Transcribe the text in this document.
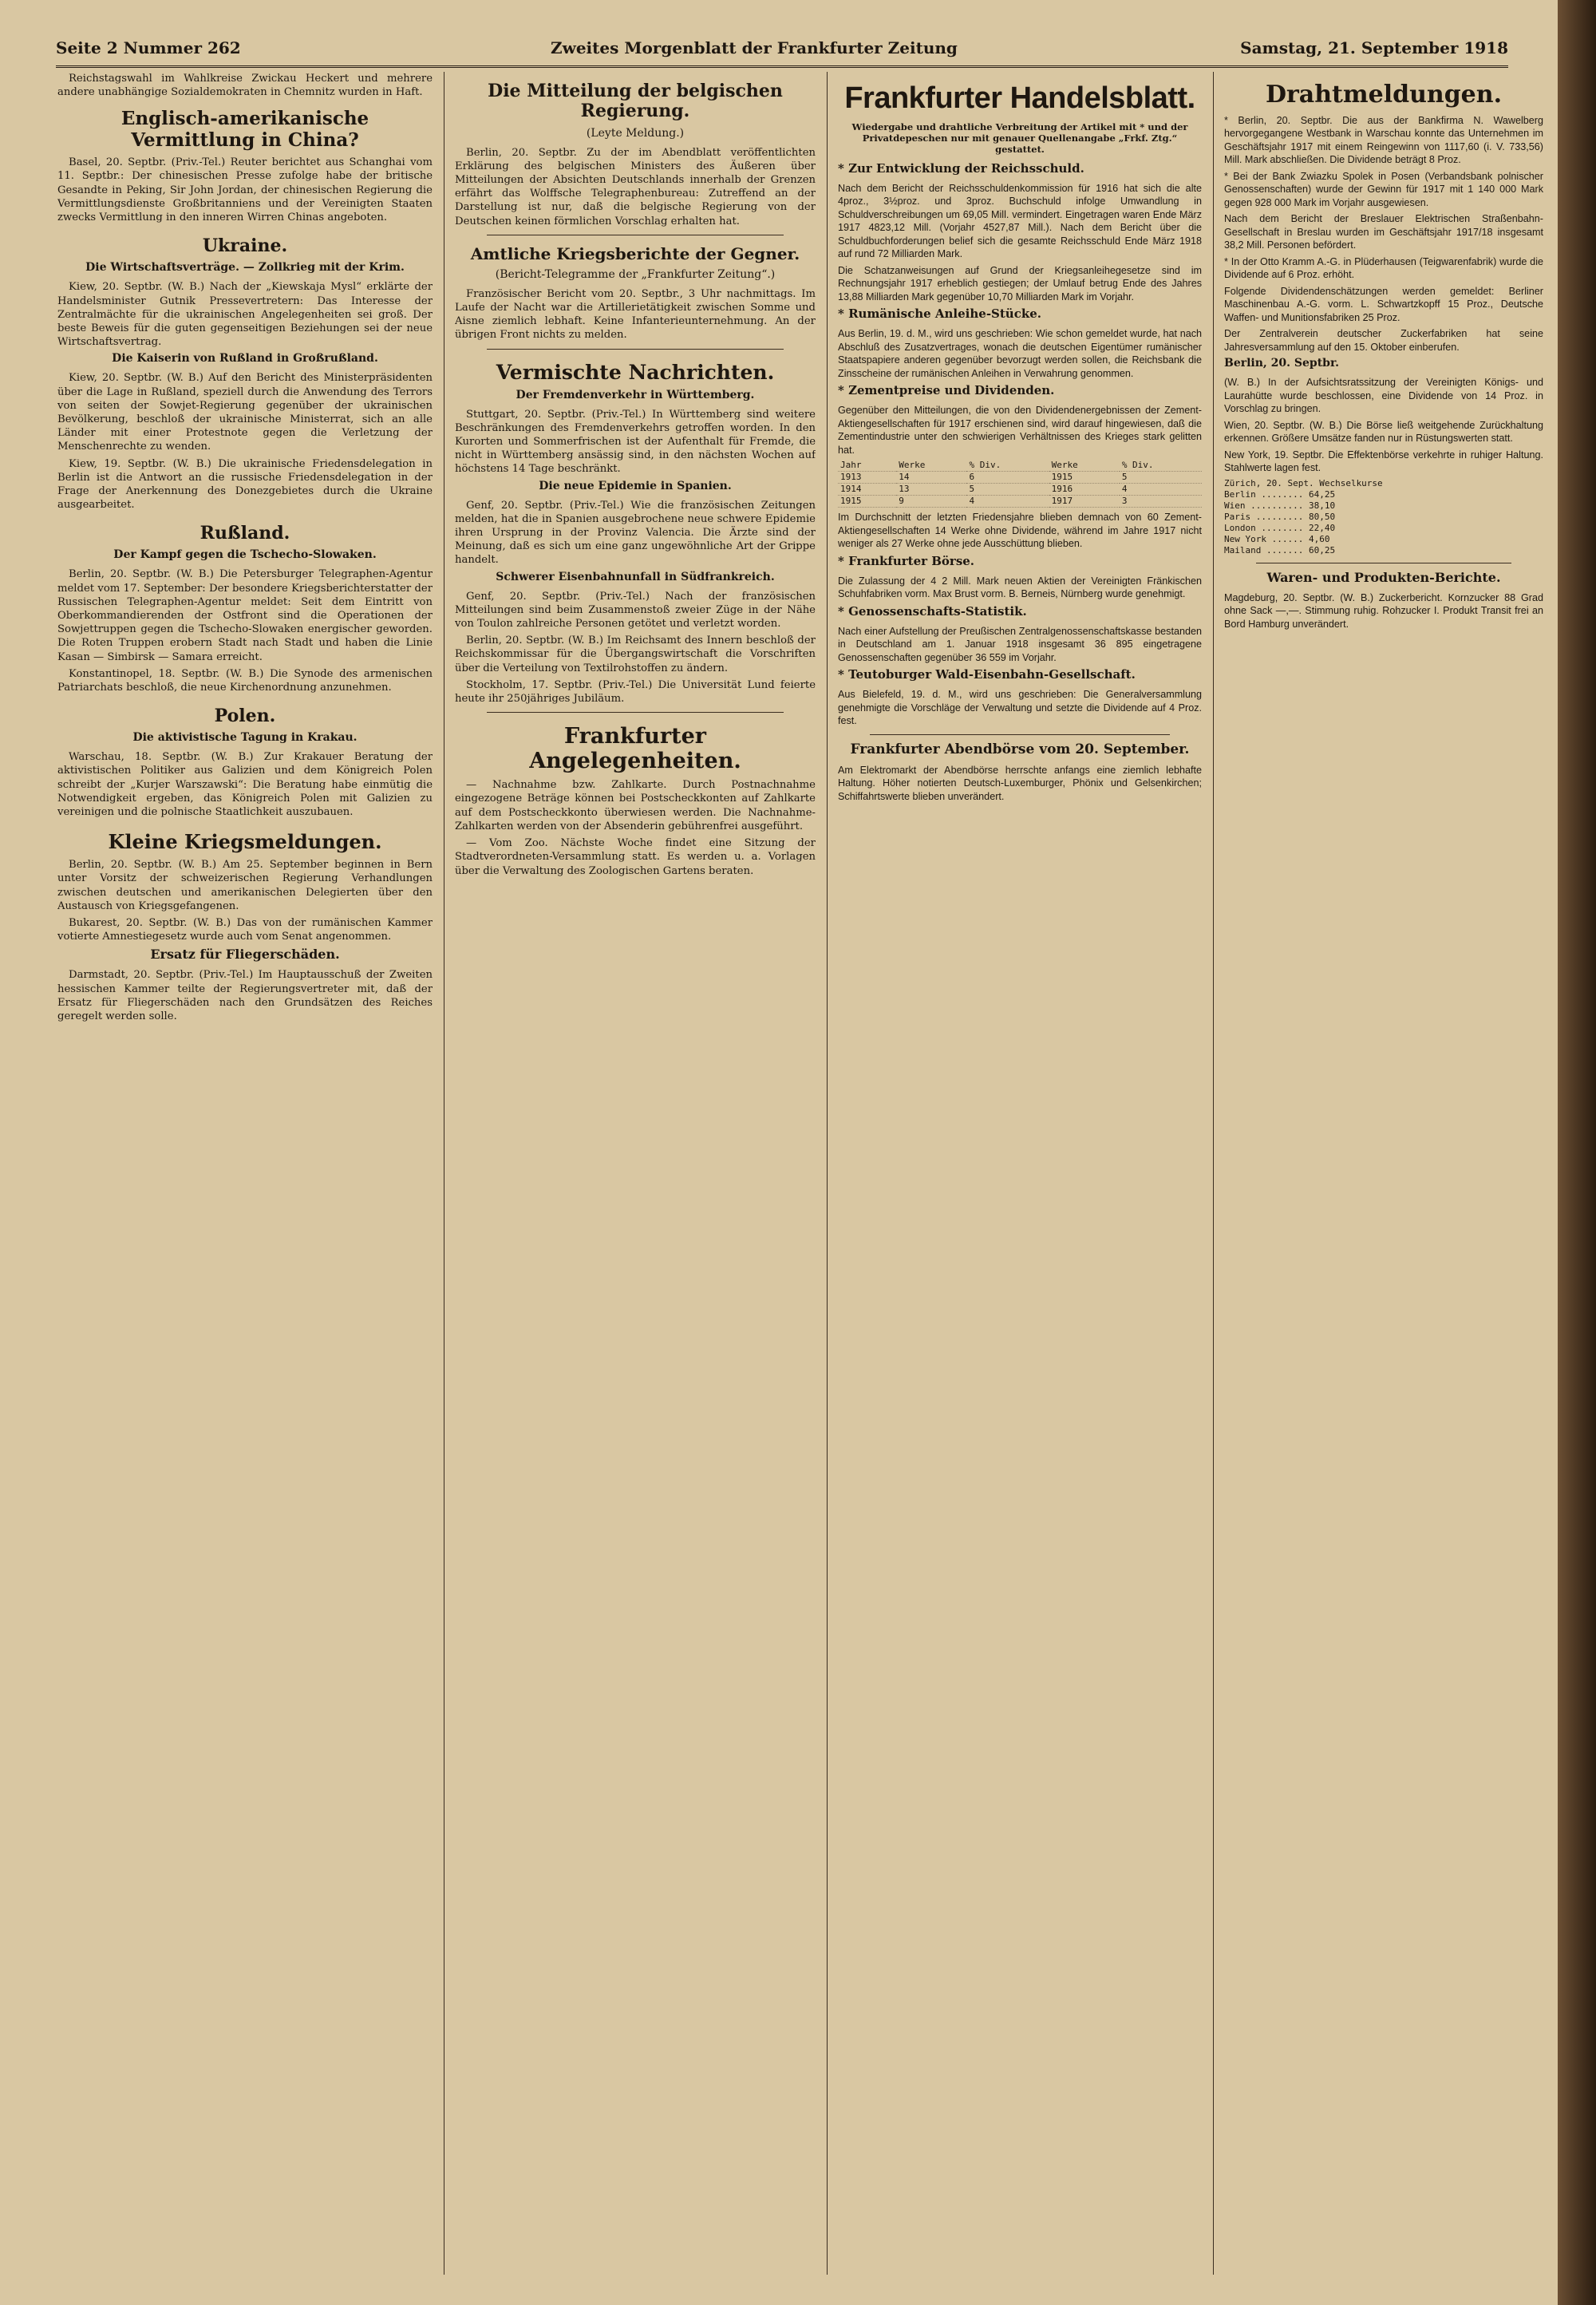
Seite 2 Nummer 262	Zweites Morgenblatt der Frankfurter Zeitung	Samstag, 21. September 1918

Reichstagswahl im Wahlkreise Zwickau Heckert und mehrere andere unabhängige Sozialdemokraten in Chemnitz wurden in Haft.

Englisch-amerikanische Vermittlung in China?

Basel, 20. Septbr. (Priv.-Tel.) Reuter berichtet aus Schanghai vom 11. Septbr.: Der chinesischen Presse zufolge habe der britische Gesandte in Peking, Sir John Jordan, der chinesischen Regierung die Vermittlungsdienste Großbritanniens und der Vereinigten Staaten zwecks Vermittlung in den inneren Wirren Chinas angeboten.

Ukraine.
Die Wirtschaftsverträge. — Zollkrieg mit der Krim.

Kiew, 20. Septbr. (W. B.) Nach der „Kiewskaja Mysl“ erklärte der Handelsminister Gutnik Pressevertretern: Das Interesse der Zentralmächte für die ukrainischen Angelegenheiten sei groß. Der beste Beweis für die guten gegenseitigen Beziehungen sei der neue Wirtschaftsvertrag.

Die Kaiserin von Rußland in Großrußland.

Kiew, 20. Septbr. (W. B.) Auf den Bericht des Ministerpräsidenten über die Lage in Rußland, speziell durch die Anwendung des Terrors von seiten der Sowjet-Regierung gegenüber der ukrainischen Bevölkerung, beschloß der ukrainische Ministerrat, sich an alle Länder mit einer Protestnote gegen die Verletzung der Menschenrechte zu wenden.

Kiew, 19. Septbr. (W. B.) Die ukrainische Friedensdelegation in Berlin ist die Antwort an die russische Friedensdelegation in der Frage der Anerkennung des Donezgebietes durch die Ukraine ausgearbeitet.

Rußland.
Der Kampf gegen die Tschecho-Slowaken.

Berlin, 20. Septbr. (W. B.) Die Petersburger Telegraphen-Agentur meldet vom 17. September: Der besondere Kriegsberichterstatter der Russischen Telegraphen-Agentur meldet: Seit dem Eintritt von Oberkommandierenden der Ostfront sind die Operationen der Sowjettruppen gegen die Tschecho-Slowaken energischer geworden. Die Roten Truppen erobern Stadt nach Stadt und haben die Linie Kasan — Simbirsk — Samara erreicht.

Konstantinopel, 18. Septbr. (W. B.) Die Synode des armenischen Patriarchats beschloß, die neue Kirchenordnung anzunehmen.

Polen.
Die aktivistische Tagung in Krakau.

Warschau, 18. Septbr. (W. B.) Zur Krakauer Beratung der aktivistischen Politiker aus Galizien und dem Königreich Polen schreibt der „Kurjer Warszawski“: Die Beratung habe einmütig die Notwendigkeit ergeben, das Königreich Polen mit Galizien zu vereinigen und die polnische Staatlichkeit auszubauen.

Kleine Kriegsmeldungen.

Berlin, 20. Septbr. (W. B.) Am 25. September beginnen in Bern unter Vorsitz der schweizerischen Regierung Verhandlungen zwischen deutschen und amerikanischen Delegierten über den Austausch von Kriegsgefangenen.

Bukarest, 20. Septbr. (W. B.) Das von der rumänischen Kammer votierte Amnestiegesetz wurde auch vom Senat angenommen.

Ersatz für Fliegerschäden.

Darmstadt, 20. Septbr. (Priv.-Tel.) Im Hauptausschuß der Zweiten hessischen Kammer teilte der Regierungsvertreter mit, daß der Ersatz für Fliegerschäden nach den Grundsätzen des Reiches geregelt werden solle.

Die Mitteilung der belgischen Regierung.
(Leyte Meldung.)

Berlin, 20. Septbr. Zu der im Abendblatt veröffentlichten Erklärung des belgischen Ministers des Äußeren über Mitteilungen der Absichten Deutschlands innerhalb der Grenzen erfährt das Wolffsche Telegraphenbureau: Zutreffend an der Darstellung ist nur, daß die belgische Regierung von der Deutschen keinen förmlichen Vorschlag erhalten hat.

Amtliche Kriegsberichte der Gegner.
(Bericht-Telegramme der „Frankfurter Zeitung“.)

Französischer Bericht vom 20. Septbr., 3 Uhr nachmittags. Im Laufe der Nacht war die Artillerietätigkeit zwischen Somme und Aisne ziemlich lebhaft. Keine Infanterieunternehmung. An der übrigen Front nichts zu melden.

Vermischte Nachrichten.
Der Fremdenverkehr in Württemberg.

Stuttgart, 20. Septbr. (Priv.-Tel.) In Württemberg sind weitere Beschränkungen des Fremdenverkehrs getroffen worden. In den Kurorten und Sommerfrischen ist der Aufenthalt für Fremde, die nicht in Württemberg ansässig sind, in den nächsten Wochen auf höchstens 14 Tage beschränkt.

Die neue Epidemie in Spanien.

Genf, 20. Septbr. (Priv.-Tel.) Wie die französischen Zeitungen melden, hat die in Spanien ausgebrochene neue schwere Epidemie ihren Ursprung in der Provinz Valencia. Die Ärzte sind der Meinung, daß es sich um eine ganz ungewöhnliche Art der Grippe handelt.

Schwerer Eisenbahnunfall in Südfrankreich.

Genf, 20. Septbr. (Priv.-Tel.) Nach der französischen Mitteilungen sind beim Zusammenstoß zweier Züge in der Nähe von Toulon zahlreiche Personen getötet und verletzt worden.

Berlin, 20. Septbr. (W. B.) Im Reichsamt des Innern beschloß der Reichskommissar für die Übergangswirtschaft die Vorschriften über die Verteilung von Textilrohstoffen zu ändern.

Stockholm, 17. Septbr. (Priv.-Tel.) Die Universität Lund feierte heute ihr 250jähriges Jubiläum.

Frankfurter Angelegenheiten.

— Nachnahme bzw. Zahlkarte. Durch Postnachnahme eingezogene Beträge können bei Postscheckkonten auf Zahlkarte auf dem Postscheckkonto überwiesen werden. Die Nachnahme-Zahlkarten werden von der Absenderin gebührenfrei ausgeführt.

— Vom Zoo. Nächste Woche findet eine Sitzung der Stadtverordneten-Versammlung statt. Es werden u. a. Vorlagen über die Verwaltung des Zoologischen Gartens beraten.

Frankfurter Handelsblatt.
Wiedergabe und drahtliche Verbreitung der Artikel mit * und der Privatdepeschen nur mit genauer Quellenangabe „Frkf. Ztg.“ gestattet.
* Zur Entwicklung der Reichsschuld.

Nach dem Bericht der Reichsschuldenkommission für 1916 hat sich die alte 4proz., 3½proz. und 3proz. Buchschuld infolge Umwandlung in Schuldverschreibungen um 69,05 Mill. vermindert. Eingetragen waren Ende März 1917 4823,12 Mill. (Vorjahr 4527,87 Mill.). Nach dem Bericht über die Schuldbuchforderungen belief sich die gesamte Reichsschuld Ende März 1918 auf rund 72 Milliarden Mark.

Die Schatzanweisungen auf Grund der Kriegsanleihegesetze sind im Rechnungsjahr 1917 erheblich gestiegen; der Umlauf betrug Ende des Jahres 13,88 Milliarden Mark gegenüber 10,70 Milliarden Mark im Vorjahr.

* Rumänische Anleihe-Stücke.

Aus Berlin, 19. d. M., wird uns geschrieben: Wie schon gemeldet wurde, hat nach Abschluß des Zusatzvertrages, wonach die deutschen Eigentümer rumänischer Staatspapiere anderen gegenüber bevorzugt werden sollen, die Reichsbank die Zinsscheine der rumänischen Anleihen in Verwahrung genommen.

* Zementpreise und Dividenden.

Gegenüber den Mitteilungen, die von den Dividendenergebnissen der Zement-Aktiengesellschaften für 1917 erschienen sind, wird darauf hingewiesen, daß die Zementindustrie unter den schwierigen Verhältnissen des Krieges stark gelitten hat.

Jahr	Werke	% Div.	Werke	% Div.
1913	14	6	1915	5
1914	13	5	1916	4
1915	9	4	1917	3

Im Durchschnitt der letzten Friedensjahre blieben demnach von 60 Zement-Aktiengesellschaften 14 Werke ohne Dividende, während im Jahre 1917 nicht weniger als 27 Werke ohne jede Ausschüttung blieben.

* Frankfurter Börse.

Die Zulassung der 4 2 Mill. Mark neuen Aktien der Vereinigten Fränkischen Schuhfabriken vorm. Max Brust vorm. B. Berneis, Nürnberg wurde genehmigt.

* Genossenschafts-Statistik.

Nach einer Aufstellung der Preußischen Zentralgenossenschaftskasse bestanden in Deutschland am 1. Januar 1918 insgesamt 36 895 eingetragene Genossenschaften gegenüber 36 559 im Vorjahr.

* Teutoburger Wald-Eisenbahn-Gesellschaft.

Aus Bielefeld, 19. d. M., wird uns geschrieben: Die Generalversammlung genehmigte die Vorschläge der Verwaltung und setzte die Dividende auf 4 Proz. fest.

Frankfurter Abendbörse vom 20. September.

Am Elektromarkt der Abendbörse herrschte anfangs eine ziemlich lebhafte Haltung. Höher notierten Deutsch-Luxemburger, Phönix und Gelsenkirchen; Schiffahrtswerte blieben unverändert.

Drahtmeldungen.

* Berlin, 20. Septbr. Die aus der Bankfirma N. Wawelberg hervorgegangene Westbank in Warschau konnte das Unternehmen im Geschäftsjahr 1917 mit einem Reingewinn von 1117,60 (i. V. 733,56) Mill. Mark abschließen. Die Dividende beträgt 8 Proz.

* Bei der Bank Zwiazku Spolek in Posen (Verbandsbank polnischer Genossenschaften) wurde der Gewinn für 1917 mit 1 140 000 Mark gegen 928 000 Mark im Vorjahr ausgewiesen.

Nach dem Bericht der Breslauer Elektrischen Straßenbahn-Gesellschaft in Breslau wurden im Geschäftsjahr 1917/18 insgesamt 38,2 Mill. Personen befördert.

* In der Otto Kramm A.-G. in Plüderhausen (Teigwarenfabrik) wurde die Dividende auf 6 Proz. erhöht.

Folgende Dividendenschätzungen werden gemeldet: Berliner Maschinenbau A.-G. vorm. L. Schwartzkopff 15 Proz., Deutsche Waffen- und Munitionsfabriken 25 Proz.

Der Zentralverein deutscher Zuckerfabriken hat seine Jahresversammlung auf den 15. Oktober einberufen.

Berlin, 20. Septbr.

(W. B.) In der Aufsichtsratssitzung der Vereinigten Königs- und Laurahütte wurde beschlossen, eine Dividende von 14 Proz. in Vorschlag zu bringen.

Wien, 20. Septbr. (W. B.) Die Börse ließ weitgehende Zurückhaltung erkennen. Größere Umsätze fanden nur in Rüstungswerten statt.

New York, 19. Septbr. Die Effektenbörse verkehrte in ruhiger Haltung. Stahlwerte lagen fest.

Zürich, 20. Sept. Wechselkurse
Berlin ........ 64,25
Wien .......... 38,10
Paris ......... 80,50
London ........ 22,40
New York ...... 4,60
Mailand ....... 60,25
Waren- und Produkten-Berichte.

Magdeburg, 20. Septbr. (W. B.) Zuckerbericht. Kornzucker 88 Grad ohne Sack —,—. Stimmung ruhig. Rohzucker I. Produkt Transit frei an Bord Hamburg unverändert.
